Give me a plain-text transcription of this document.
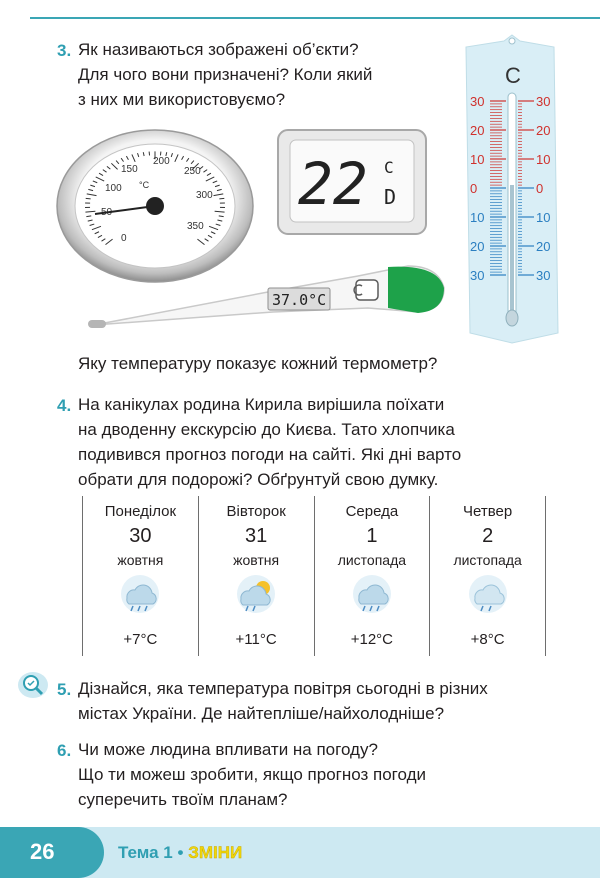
3. Як називаються зображені об’єкти?
Для чого вони призначені? Коли який
з них ми використовуємо?
0
100
150
200
250
300
350
°C	22 C
D
37.0°C
C
30
20
10
0
10
20
30
30
20
10
0
10
20
30
Яку температуру показує кожний термометр?
4. На канікулах родина Кирила вирішила поїхати
на дводенну екскурсію до Києва. Тато хлопчика
подивився прогноз погоди на сайті. Які дні варто
обрати для подорожі? Обґрунтуй свою думку.
Понеділок
30
жовтня
+7°C
Вівторок
31
жовтня
+11°C
Середа
1
листопада
+12°C
Четвер
2
листопада
+8°C
5. Дізнайся, яка температура повітря сьогодні в різних
містах України. Де найтепліше/найхолодніше?
6. Чи може людина впливати на погоду?
Що ти можеш зробити, якщо прогноз погоди
суперечить твоїм планам?
26	Тема 1 • ЗМІНИ
